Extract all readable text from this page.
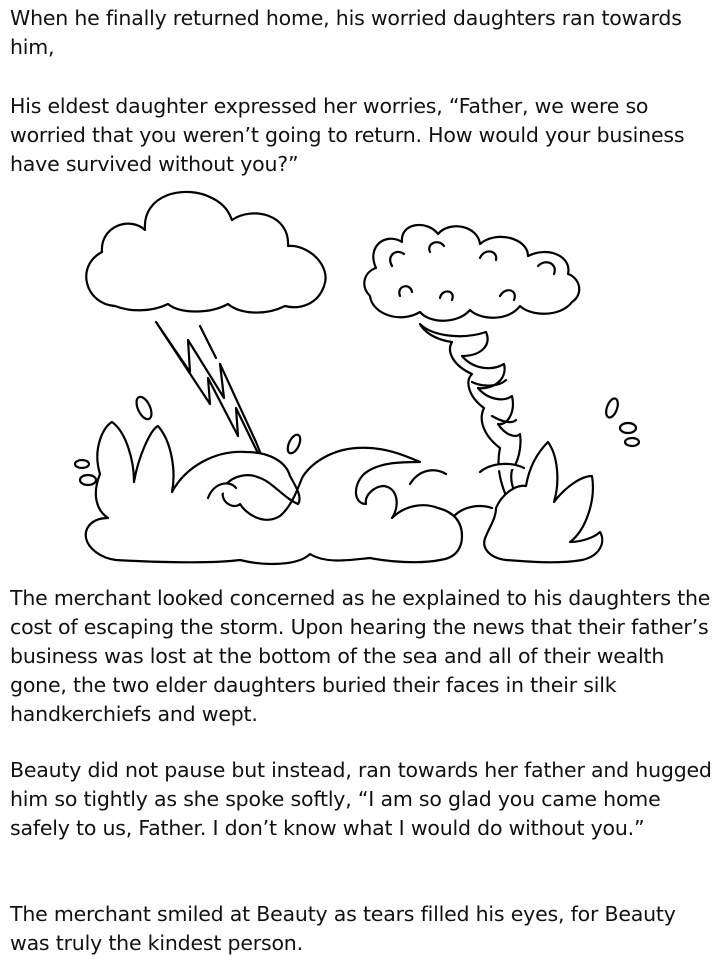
When he finally returned home, his worried daughters ran towards him,

His eldest daughter expressed her worries, “Father, we were so worried that you weren’t going to return. How would your business have survived without you?”

The merchant looked concerned as he explained to his daughters the cost of escaping the storm. Upon hearing the news that their father’s business was lost at the bottom of the sea and all of their wealth gone, the two elder daughters buried their faces in their silk handkerchiefs and wept.

Beauty did not pause but instead, ran towards her father and hugged him so tightly as she spoke softly, “I am so glad you came home safely to us, Father. I don’t know what I would do without you.”

The merchant smiled at Beauty as tears filled his eyes, for Beauty was truly the kindest person.
